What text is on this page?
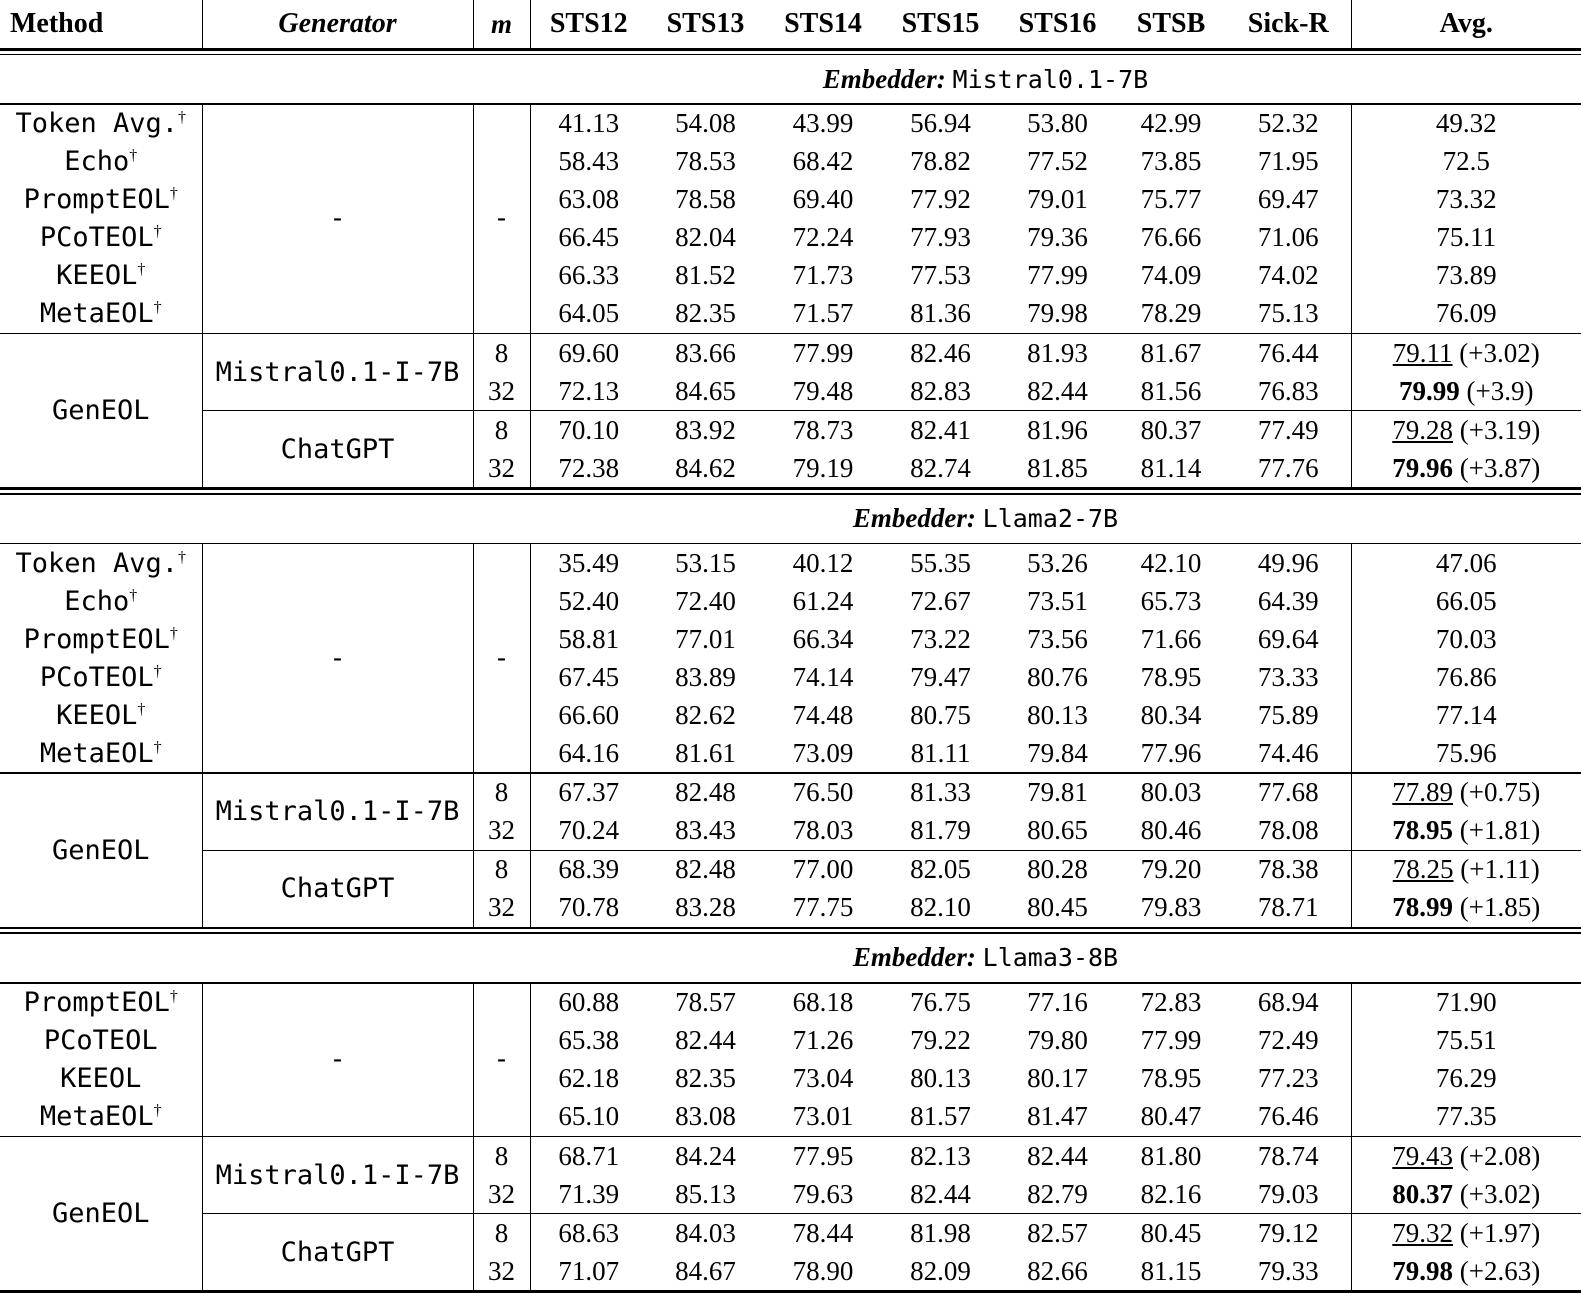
Method	Generator	m	STS12	STS13	STS14	STS15	STS16	STSB	Sick-R	Avg.

Embedder: Mistral0.1-7B										

Token Avg.†	-	-	41.13	54.08	43.99	56.94	53.80	42.99	52.32	49.32
Echo†			58.43	78.53	68.42	78.82	77.52	73.85	71.95	72.5
PromptEOL†			63.08	78.58	69.40	77.92	79.01	75.77	69.47	73.32
PCoTEOL†			66.45	82.04	72.24	77.93	79.36	76.66	71.06	75.11
KEEOL†			66.33	81.52	71.73	77.53	77.99	74.09	74.02	73.89
MetaEOL†			64.05	82.35	71.57	81.36	79.98	78.29	75.13	76.09

GenEOL	Mistral0.1-I-7B	8	69.60	83.66	77.99	82.46	81.93	81.67	76.44	79.11 (+3.02)
		32	72.13	84.65	79.48	82.83	82.44	81.56	76.83	79.99 (+3.9)
	ChatGPT	8	70.10	83.92	78.73	82.41	81.96	80.37	77.49	79.28 (+3.19)
		32	72.38	84.62	79.19	82.74	81.85	81.14	77.76	79.96 (+3.87)

Embedder: Llama2-7B										

Token Avg.†	-	-	35.49	53.15	40.12	55.35	53.26	42.10	49.96	47.06
Echo†			52.40	72.40	61.24	72.67	73.51	65.73	64.39	66.05
PromptEOL†			58.81	77.01	66.34	73.22	73.56	71.66	69.64	70.03
PCoTEOL†			67.45	83.89	74.14	79.47	80.76	78.95	73.33	76.86
KEEOL†			66.60	82.62	74.48	80.75	80.13	80.34	75.89	77.14
MetaEOL†			64.16	81.61	73.09	81.11	79.84	77.96	74.46	75.96

GenEOL	Mistral0.1-I-7B	8	67.37	82.48	76.50	81.33	79.81	80.03	77.68	77.89 (+0.75)
		32	70.24	83.43	78.03	81.79	80.65	80.46	78.08	78.95 (+1.81)
	ChatGPT	8	68.39	82.48	77.00	82.05	80.28	79.20	78.38	78.25 (+1.11)
		32	70.78	83.28	77.75	82.10	80.45	79.83	78.71	78.99 (+1.85)

Embedder: Llama3-8B										

PromptEOL†	-	-	60.88	78.57	68.18	76.75	77.16	72.83	68.94	71.90
PCoTEOL			65.38	82.44	71.26	79.22	79.80	77.99	72.49	75.51
KEEOL			62.18	82.35	73.04	80.13	80.17	78.95	77.23	76.29
MetaEOL†			65.10	83.08	73.01	81.57	81.47	80.47	76.46	77.35

GenEOL	Mistral0.1-I-7B	8	68.71	84.24	77.95	82.13	82.44	81.80	78.74	79.43 (+2.08)
		32	71.39	85.13	79.63	82.44	82.79	82.16	79.03	80.37 (+3.02)
	ChatGPT	8	68.63	84.03	78.44	81.98	82.57	80.45	79.12	79.32 (+1.97)
		32	71.07	84.67	78.90	82.09	82.66	81.15	79.33	79.98 (+2.63)
